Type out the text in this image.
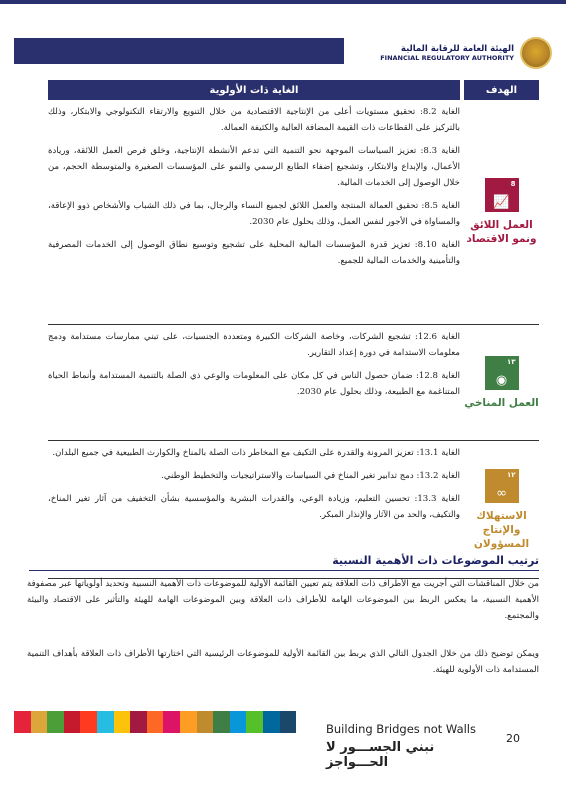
الهيئة العامة للرقابة المالية
FINANCIAL REGULATORY AUTHORITY
الهدف
الغاية ذات الأولوية
8
📈
العمل اللائق ونمو الاقتصاد

الغاية 8.2: تحقيق مستويات أعلى من الإنتاجية الاقتصادية من خلال التنويع والارتقاء التكنولوجي والابتكار، وذلك بالتركيز على القطاعات ذات القيمة المضافة العالية والكثيفة العمالة.

الغاية 8.3: تعزيز السياسات الموجهة نحو التنمية التي تدعم الأنشطة الإنتاجية، وخلق فرص العمل اللائقة، وريادة الأعمال، والإبداع والابتكار، وتشجيع إضفاء الطابع الرسمي والنمو على المؤسسات الصغيرة والمتوسطة الحجم، من خلال الوصول إلى الخدمات المالية.

الغاية 8.5: تحقيق العمالة المنتجة والعمل اللائق لجميع النساء والرجال، بما في ذلك الشباب والأشخاص ذوو الإعاقة، والمساواة في الأجور لنفس العمل، وذلك بحلول عام 2030.

الغاية 8.10: تعزيز قدرة المؤسسات المالية المحلية على تشجيع وتوسيع نطاق الوصول إلى الخدمات المصرفية والتأمينية والخدمات المالية للجميع.

١٣
◉
العمل المناخي

الغاية 12.6: تشجيع الشركات، وخاصة الشركات الكبيرة ومتعددة الجنسيات، على تبني ممارسات مستدامة ودمج معلومات الاستدامة في دورة إعداد التقارير.

الغاية 12.8: ضمان حصول الناس في كل مكان على المعلومات والوعي ذي الصلة بالتنمية المستدامة وأنماط الحياة المتناغمة مع الطبيعة، وذلك بحلول عام 2030.

١٢
∞
الاستهلاك والإنتاج المسؤولان

الغاية 13.1: تعزيز المرونة والقدرة على التكيف مع المخاطر ذات الصلة بالمناخ والكوارث الطبيعية في جميع البلدان.

الغاية 13.2: دمج تدابير تغير المناخ في السياسات والاستراتيجيات والتخطيط الوطني.

الغاية 13.3: تحسين التعليم، وزيادة الوعي، والقدرات البشرية والمؤسسية بشأن التخفيف من آثار تغير المناخ، والتكيف، والحد من الآثار والإنذار المبكر.

ترتيب الموضوعات ذات الأهمية النسبية

من خلال المناقشات التي أجريت مع الأطراف ذات العلاقة يتم تعيين القائمة الأولية للموضوعات ذات الأهمية النسبية وتحديد أولوياتها عبر مصفوفة الأهمية النسبية، ما يعكس الربط بين الموضوعات الهامة للأطراف ذات العلاقة وبين الموضوعات الهامة للهيئة والتأثير على الاقتصاد والبيئة والمجتمع.

ويمكن توضيح ذلك من خلال الجدول التالي الذي يربط بين القائمة الأولية للموضوعات الرئيسية التي اختارتها الأطراف ذات العلاقة بأهداف التنمية المستدامة ذات الأولوية للهيئة.

Building Bridges not Walls
نبني الجســـور لا الحـــواجز
20
